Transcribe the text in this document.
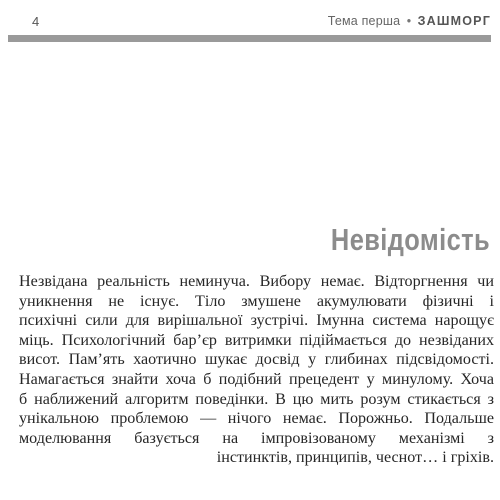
4	Тема перша • ЗАШМОРГ
Невідомість
Незвідана реальність неминуча. Вибору немає. Відторгнення чи
уникнення не існує. Тіло змушене акумулювати фізичні і
психічні сили для вирішальної зустрічі. Імунна система нарощує
міць. Психологічний бар’єр витримки підіймається до незвіданих
висот. Пам’ять хаотично шукає досвід у глибинах підсвідомості.
Намагається знайти хоча б подібний прецедент у минулому. Хоча
б наближений алгоритм поведінки. В цю мить розум стикається з
унікальною проблемою — нічого немає. Порожньо. Подальше
моделювання базується на імпровізованому механізмі з
інстинктів, принципів, чеснот… і гріхів.
